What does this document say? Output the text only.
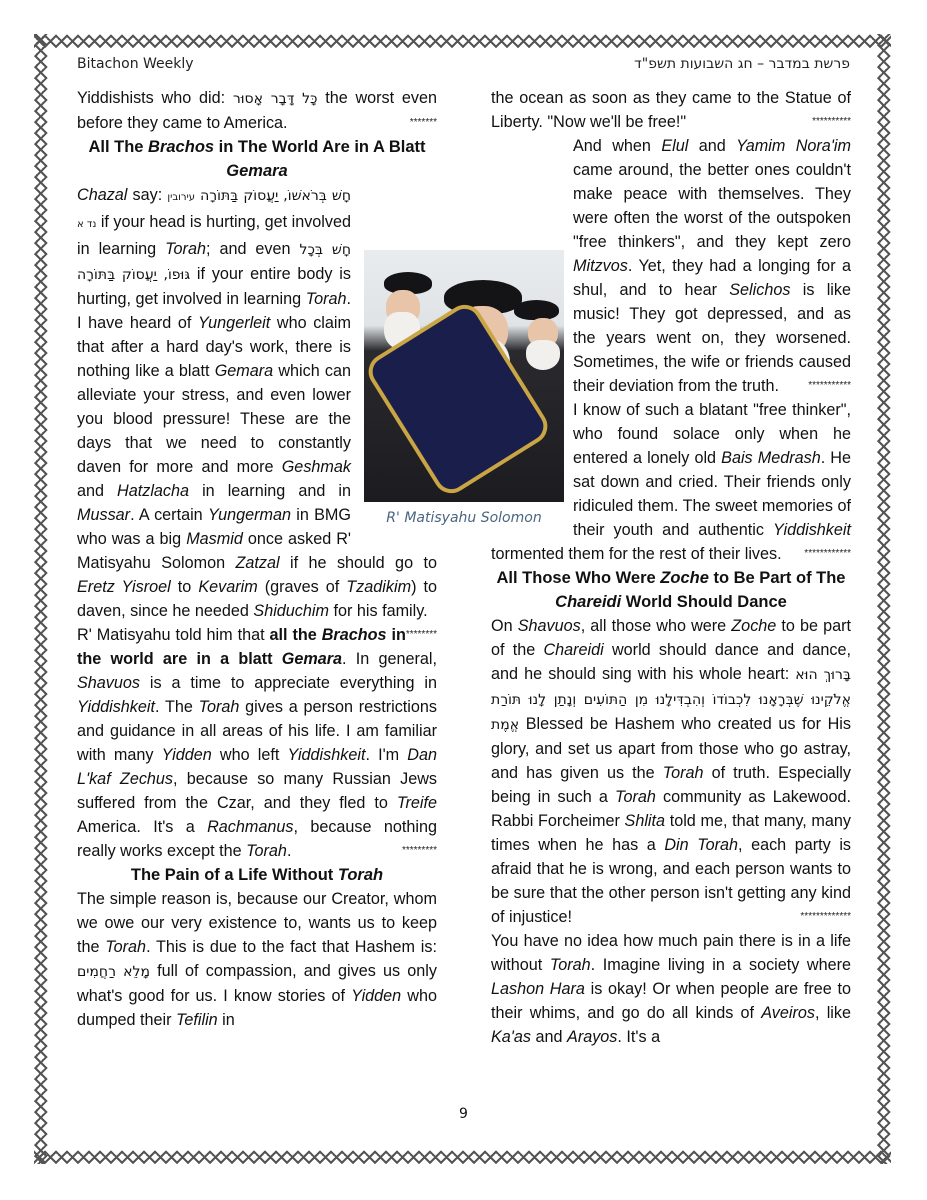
Bitachon Weekly	פרשת במדבר – חג השבועות תשפ"ד

Yiddishists who did: כָּל דָּבָר אָסוּר the worst even before they came to America.	*******

All The Brachos in The World Are in A Blatt Gemara

Chazal say: חָשׁ בְּרֹאשׁוֹ, יַעֲסוֹק בַּתּוֹרָה עירובין נד א if your head is hurting, get involved in learning Torah; and even חָשׁ בְּכָל גּוּפוֹ, יַעֲסוֹק בַּתּוֹרָה if your entire body is hurting, get involved in learning Torah. I have heard of Yungerleit who claim that after a hard day's work, there is nothing like a blatt Gemara which can alleviate your stress, and even lower you blood pressure! These are the days that we need to constantly daven for more and more Geshmak and Hatzlacha in learning and in Mussar. A certain Yungerman in BMG who was a big Masmid once asked R' Matisyahu Solomon Zatzal if he should go to Eretz Yisroel to Kevarim (graves of Tzadikim) to daven, since he needed Shiduchim for his family.
********

R' Matisyahu told him that all the Brachos in the world are in a blatt Gemara. In general, Shavuos is a time to appreciate everything in Yiddishkeit. The Torah gives a person restrictions and guidance in all areas of his life. I am familiar with many Yidden who left Yiddishkeit. I'm Dan L'kaf Zechus, because so many Russian Jews suffered from the Czar, and they fled to Treife America. It's a Rachmanus, because nothing really works except the Torah.	*********

The Pain of a Life Without Torah

The simple reason is, because our Creator, whom we owe our very existence to, wants us to keep the Torah. This is due to the fact that Hashem is: מָלֵא רַחֲמִים full of compassion, and gives us only what's good for us. I know stories of Yidden who dumped their Tefilin in

the ocean as soon as they came to the Statue of Liberty. "Now we'll be free!"	**********

And when Elul and Yamim Nora'im came around, the better ones couldn't make peace with themselves. They were often the worst of the outspoken "free thinkers", and they kept zero Mitzvos. Yet, they had a longing for a shul, and to hear Selichos is like music! They got depressed, and as the years went on, they worsened. Sometimes, the wife or friends caused their deviation from the truth.	***********

I know of such a blatant "free thinker", who found solace only when he entered a lonely old Bais Medrash. He sat down and cried. Their friends only ridiculed them. The sweet memories of their youth and authentic Yiddishkeit tormented them for the rest of their lives. ************

All Those Who Were Zoche to Be Part of The Chareidi World Should Dance

On Shavuos, all those who were Zoche to be part of the Chareidi world should dance and dance, and he should sing with his whole heart: בָּרוּךְ הוּא אֱלֹקֵינוּ שֶׁבְּרָאָנוּ לִכְבוֹדוֹ וְהִבְדִּילָנוּ מִן הַתּוֹעִים וְנָתַן לָנוּ תּוֹרַת אֱמֶת Blessed be Hashem who created us for His glory, and set us apart from those who go astray, and has given us the Torah of truth. Especially being in such a Torah community as Lakewood. Rabbi Forcheimer Shlita told me, that many, many times when he has a Din Torah, each party is afraid that he is wrong, and each person wants to be sure that the other person isn't getting any kind of injustice!	*************

You have no idea how much pain there is in a life without Torah. Imagine living in a society where Lashon Hara is okay! Or when people are free to their whims, and go do all kinds of Aveiros, like Ka'as and Arayos. It's a

R' Matisyahu Solomon
9
